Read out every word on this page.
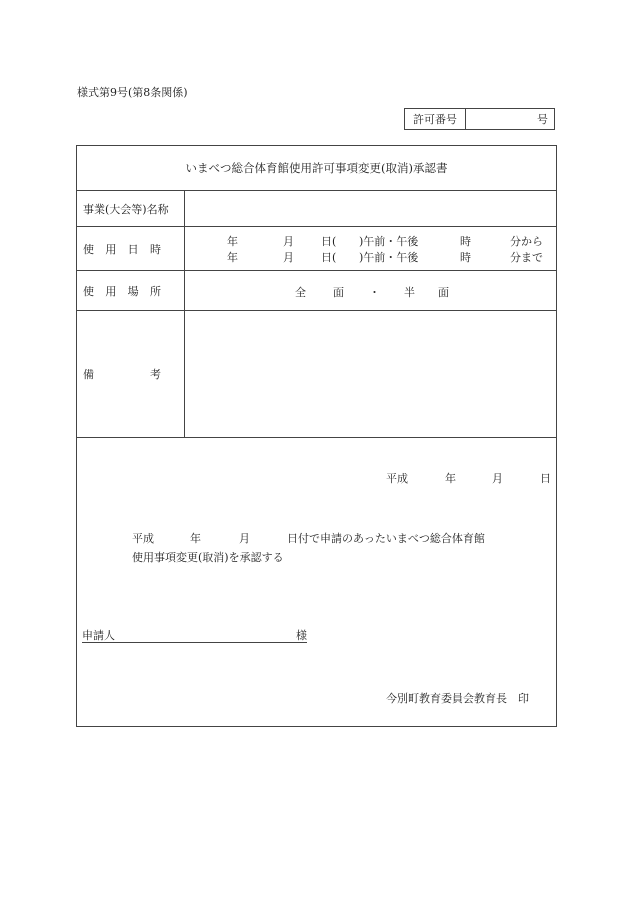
様式第9号(第8条関係)
許可番号	号
いまべつ総合体育館使用許可事項変更(取消)承認書
事業(大会等)名称
使 用 日 時
年	月 日( )午前・午後	時	分から
年	月 日( )午前・午後	時	分まで
使 用 場 所	全 面 ・ 半 面
備	考
平成	年	月	日
平成	年	月	日付で申請のあったいまべつ総合体育館
使用事項変更(取消)を承認する
申請人	様
今別町教育委員会教育長　印
